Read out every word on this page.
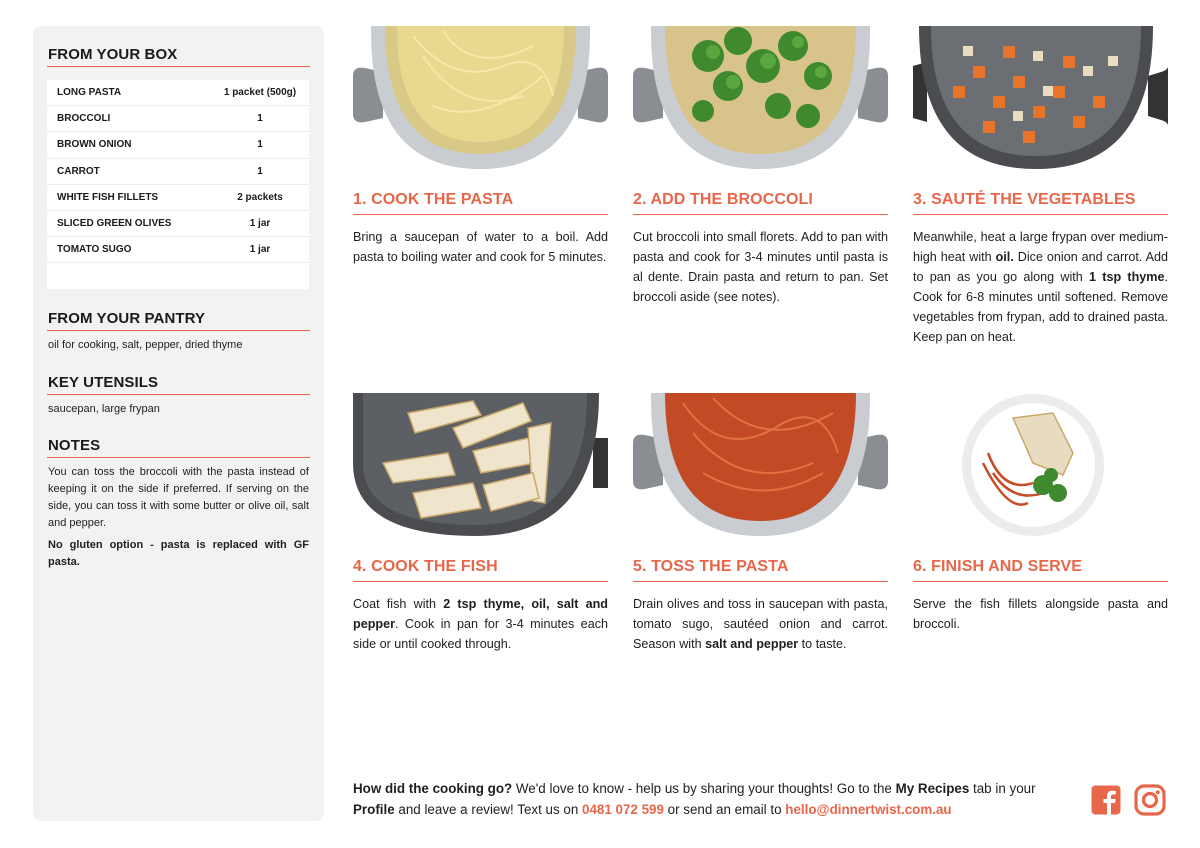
FROM YOUR BOX
LONG PASTA	1 packet (500g)
BROCCOLI	1
BROWN ONION	1
CARROT	1
WHITE FISH FILLETS	2 packets
SLICED GREEN OLIVES	1 jar
TOMATO SUGO	1 jar
FROM YOUR PANTRY
oil for cooking, salt, pepper, dried thyme
KEY UTENSILS
saucepan, large frypan
NOTES
You can toss the broccoli with the pasta instead of keeping it on the side if preferred. If serving on the side, you can toss it with some butter or olive oil, salt and pepper.
No gluten option - pasta is replaced with GF pasta.
1. COOK THE PASTA
Bring a saucepan of water to a boil. Add pasta to boiling water and cook for 5 minutes.
2. ADD THE BROCCOLI
Cut broccoli into small florets. Add to pan with pasta and cook for 3-4 minutes until pasta is al dente. Drain pasta and return to pan. Set broccoli aside (see notes).
3. SAUTÉ THE VEGETABLES
Meanwhile, heat a large frypan over medium-high heat with oil. Dice onion and carrot. Add to pan as you go along with 1 tsp thyme. Cook for 6-8 minutes until softened. Remove vegetables from frypan, add to drained pasta. Keep pan on heat.
4. COOK THE FISH
Coat fish with 2 tsp thyme, oil, salt and pepper. Cook in pan for 3-4 minutes each side or until cooked through.
5. TOSS THE PASTA
Drain olives and toss in saucepan with pasta, tomato sugo, sautéed onion and carrot. Season with salt and pepper to taste.
6. FINISH AND SERVE
Serve the fish fillets alongside pasta and broccoli.
How did the cooking go? We'd love to know - help us by sharing your thoughts! Go to the My Recipes tab in your Profile and leave a review! Text us on 0481 072 599 or send an email to hello@dinnertwist.com.au
